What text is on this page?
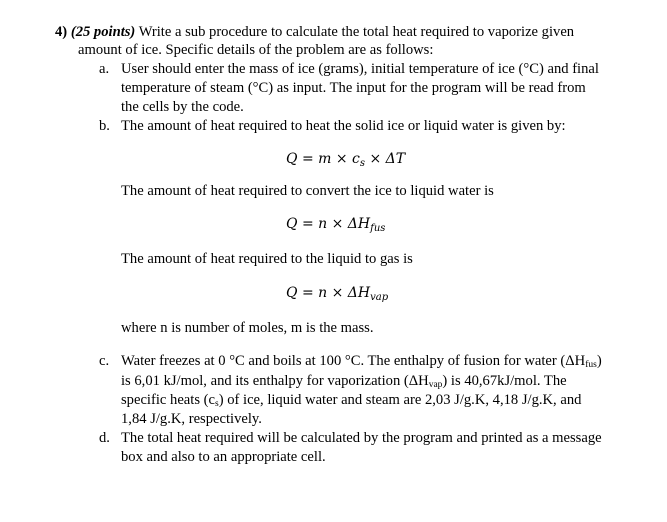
4) (25 points) Write a sub procedure to calculate the total heat required to vaporize given
amount of ice. Specific details of the problem are as follows:
a. User should enter the mass of ice (grams), initial temperature of ice (°C) and final
temperature of steam (°C) as input. The input for the program will be read from
the cells by the code.
b. The amount of heat required to heat the solid ice or liquid water is given by:
$Q = m \times c_s \times \Delta T$
The amount of heat required to convert the ice to liquid water is
$Q = n \times \Delta H_{fus}$
The amount of heat required to the liquid to gas is
$Q = n \times \Delta H_{vap}$
where n is number of moles, m is the mass.
c. Water freezes at 0 °C and boils at 100 °C. The enthalpy of fusion for water $(\Delta H_{fus})$
is 6,01 kJ/mol, and its enthalpy for vaporization $(\Delta H_{vap})$ is 40,67kJ/mol. The
specific heats $(c_s)$ of ice, liquid water and steam are 2,03 J/g.K, 4,18 J/g.K, and
1,84 J/g.K, respectively.
d. The total heat required will be calculated by the program and printed as a message
box and also to an appropriate cell.
